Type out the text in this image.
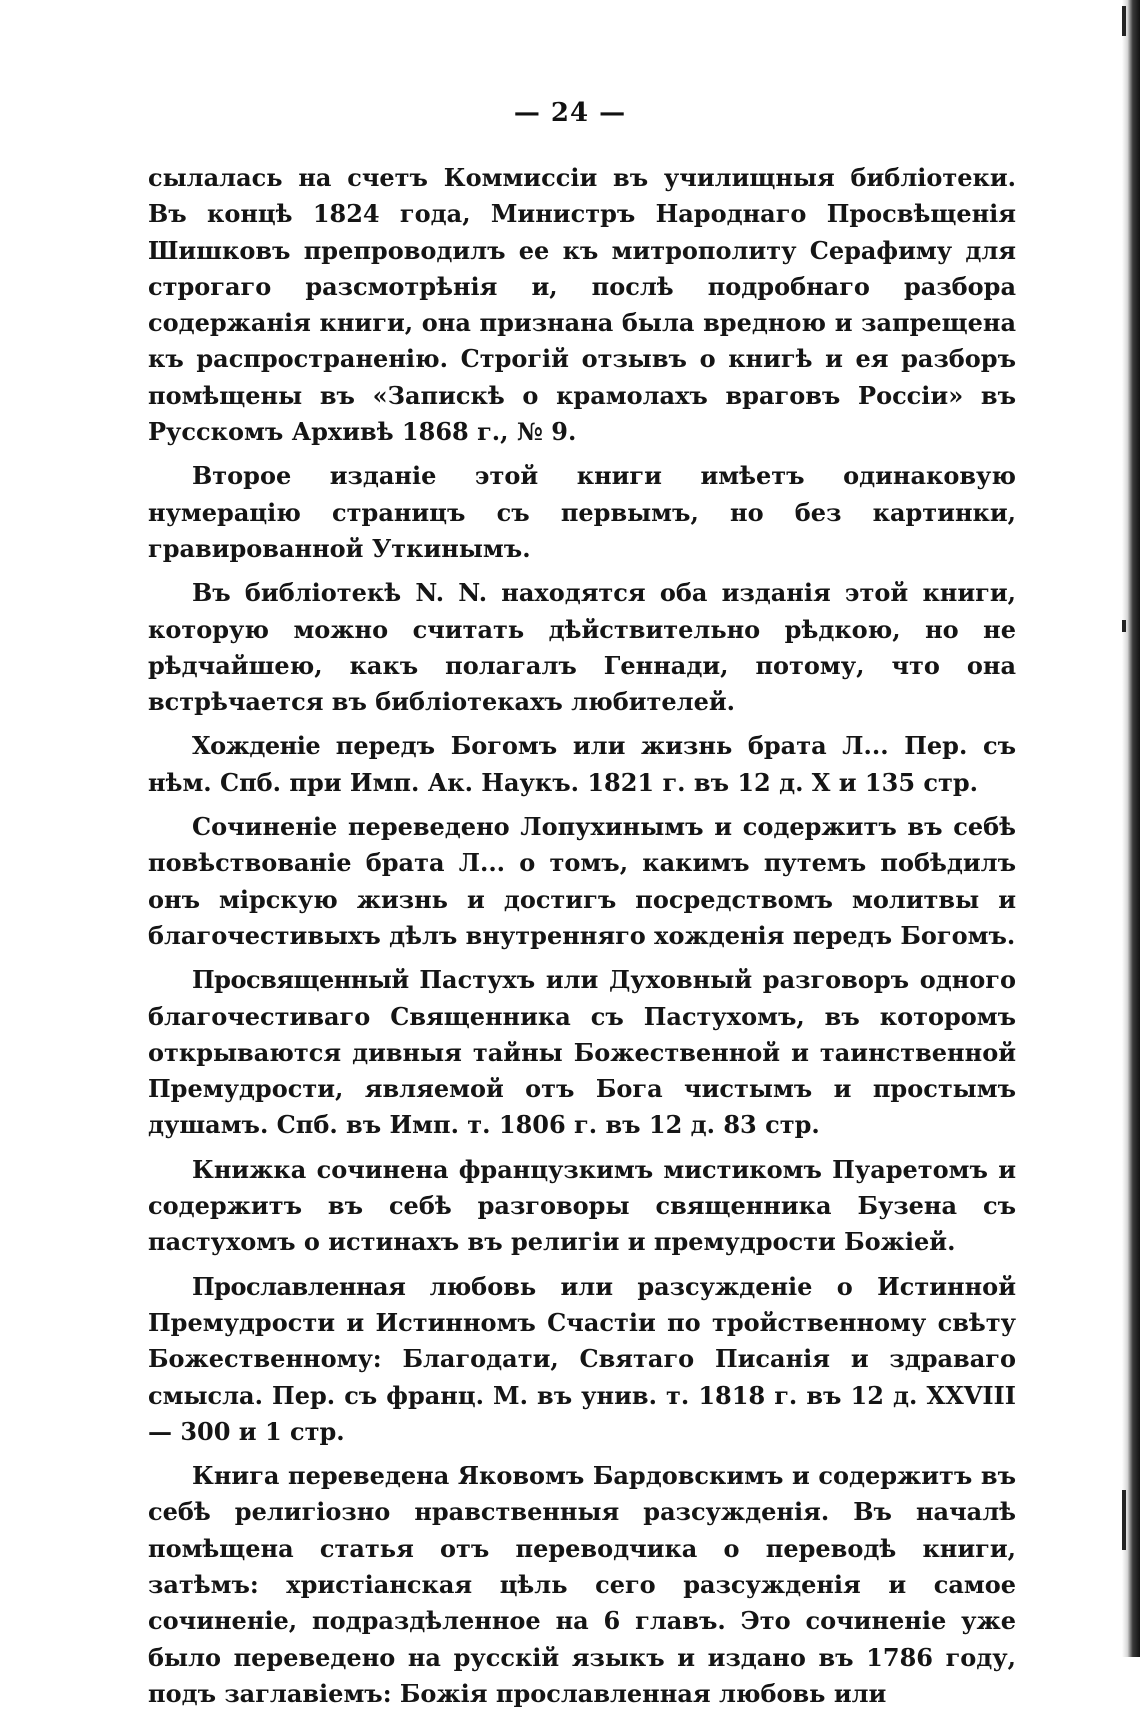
— 24 —

сылалась на счетъ Коммиссіи въ училищныя библіотеки. Въ концѣ 1824 года, Министръ Народнаго Просвѣщенія Шишковъ препроводилъ ее къ митрополиту Серафиму для строгаго разсмотрѣнія и, послѣ подробнаго разбора содержанія книги, она признана была вредною и запрещена къ распространенію. Строгій отзывъ о книгѣ и ея разборъ помѣщены въ «Запискѣ о крамолахъ враговъ Россіи» въ Русскомъ Архивѣ 1868 г., № 9.

Второе изданіе этой книги имѣетъ одинаковую нумерацію страницъ съ первымъ, но без картинки, гравированной Уткинымъ.

Въ библіотекѣ N. N. находятся оба изданія этой книги, которую можно считать дѣйствительно рѣдкою, но не рѣдчайшею, какъ полагалъ Геннади, потому, что она встрѣчается въ библіотекахъ любителей.

Хожденіе передъ Богомъ или жизнь брата Л... Пер. съ нѣм. Спб. при Имп. Ак. Наукъ. 1821 г. въ 12 д. X и 135 стр.

Сочиненіе переведено Лопухинымъ и содержитъ въ себѣ повѣствованіе брата Л... о томъ, какимъ путемъ побѣдилъ онъ мірскую жизнь и достигъ посредствомъ молитвы и благочестивыхъ дѣлъ внутренняго хожденія передъ Богомъ.

Просвященный Пастухъ или Духовный разговоръ одного благочестиваго Священника съ Пастухомъ, въ которомъ открываются дивныя тайны Божественной и таинственной Премудрости, являемой отъ Бога чистымъ и простымъ душамъ. Спб. въ Имп. т. 1806 г. въ 12 д. 83 стр.

Книжка сочинена французкимъ мистикомъ Пуаретомъ и содержитъ въ себѣ разговоры священника Бузена съ пастухомъ о истинахъ въ религіи и премудрости Божіей.

Прославленная любовь или разсужденіе о Истинной Премудрости и Истинномъ Счастіи по тройственному свѣту Божественному: Благодати, Святаго Писанія и здраваго смысла. Пер. съ франц. М. въ унив. т. 1818 г. въ 12 д. XXVIII — 300 и 1 стр.

Книга переведена Яковомъ Бардовскимъ и содержитъ въ себѣ религіозно нравственныя разсужденія. Въ началѣ помѣщена статья отъ переводчика о переводѣ книги, затѣмъ: христіанская цѣль сего разсужденія и самое сочиненіе, подраздѣленное на 6 главъ. Это сочиненіе уже было переведено на русскій языкъ и издано въ 1786 году, подъ заглавіемъ: Божія прославленная любовь или
